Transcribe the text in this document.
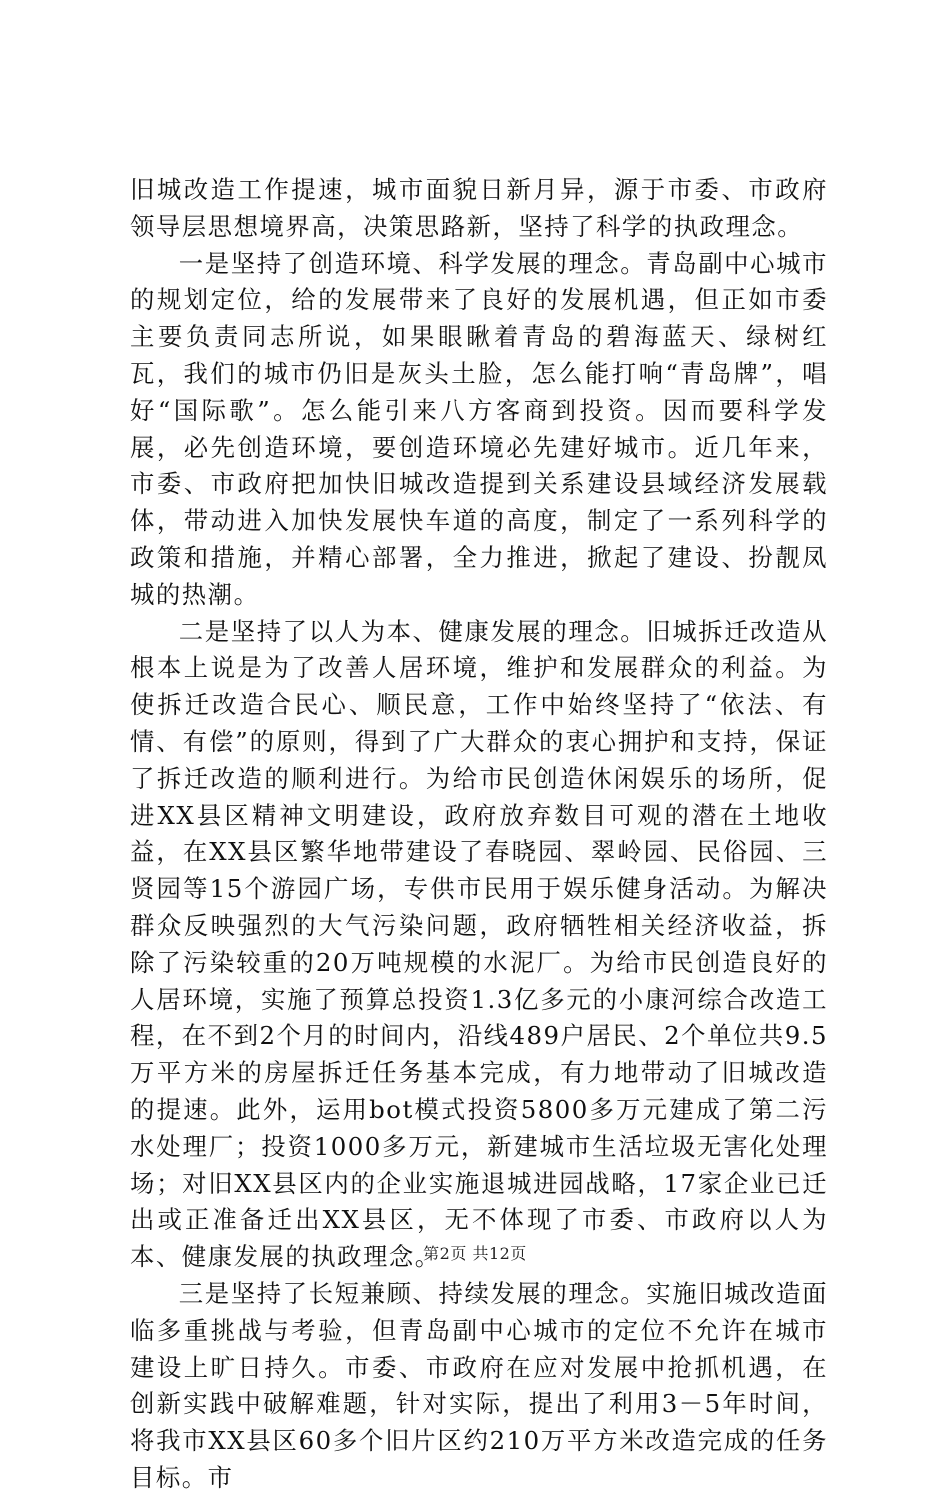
旧城改造工作提速，城市面貌日新月异，源于市委、市政府领导层思想境界高，决策思路新，坚持了科学的执政理念。

一是坚持了创造环境、科学发展的理念。青岛副中心城市的规划定位，给的发展带来了良好的发展机遇，但正如市委主要负责同志所说，如果眼瞅着青岛的碧海蓝天、绿树红瓦，我们的城市仍旧是灰头土脸，怎么能打响“青岛牌”，唱好“国际歌”。怎么能引来八方客商到投资。因而要科学发展，必先创造环境，要创造环境必先建好城市。近几年来，市委、市政府把加快旧城改造提到关系建设县域经济发展载体，带动进入加快发展快车道的高度，制定了一系列科学的政策和措施，并精心部署，全力推进，掀起了建设、扮靓凤城的热潮。

二是坚持了以人为本、健康发展的理念。旧城拆迁改造从根本上说是为了改善人居环境，维护和发展群众的利益。为使拆迁改造合民心、顺民意，工作中始终坚持了“依法、有情、有偿”的原则，得到了广大群众的衷心拥护和支持，保证了拆迁改造的顺利进行。为给市民创造休闲娱乐的场所，促进XX县区精神文明建设，政府放弃数目可观的潜在土地收益，在XX县区繁华地带建设了春晓园、翠岭园、民俗园、三贤园等15个游园广场，专供市民用于娱乐健身活动。为解决群众反映强烈的大气污染问题，政府牺牲相关经济收益，拆除了污染较重的20万吨规模的水泥厂。为给市民创造良好的人居环境，实施了预算总投资1.3亿多元的小康河综合改造工程，在不到2个月的时间内，沿线489户居民、2个单位共9.5万平方米的房屋拆迁任务基本完成，有力地带动了旧城改造的提速。此外，运用bot模式投资5800多万元建成了第二污水处理厂；投资1000多万元，新建城市生活垃圾无害化处理场；对旧XX县区内的企业实施退城进园战略，17家企业已迁出或正准备迁出XX县区，无不体现了市委、市政府以人为本、健康发展的执政理念。

三是坚持了长短兼顾、持续发展的理念。实施旧城改造面临多重挑战与考验，但青岛副中心城市的定位不允许在城市建设上旷日持久。市委、市政府在应对发展中抢抓机遇，在创新实践中破解难题，针对实际，提出了利用3－5年时间，将我市XX县区60多个旧片区约210万平方米改造完成的任务目标。市

第2页 共12页
